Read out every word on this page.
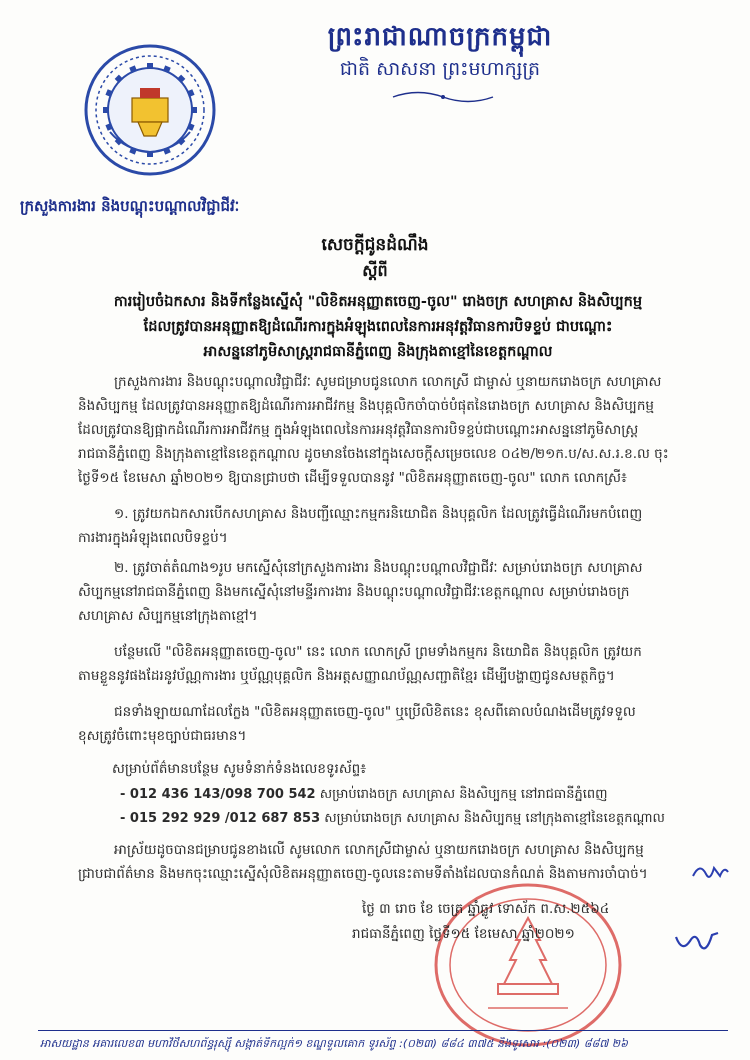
ព្រះរាជាណាចក្រកម្ពុជា
ជាតិ សាសនា ព្រះមហាក្សត្រ
ក្រសួងការងារ និងបណ្តុះបណ្តាលវិជ្ជាជីវៈ
សេចក្តីជូនដំណឹង
ស្តីពី
ការរៀបចំឯកសារ និងទីកន្លែងស្នើសុំ "លិខិតអនុញ្ញាតចេញ-ចូល" រោងចក្រ សហគ្រាស និងសិប្បកម្ម
ដែលត្រូវបានអនុញ្ញាតឱ្យដំណើរការក្នុងអំឡុងពេលនៃការអនុវត្តវិធានការបិទខ្ទប់ ជាបណ្តោះ
អាសន្ននៅភូមិសាស្ត្ររាជធានីភ្នំពេញ និងក្រុងតាខ្មៅនៃខេត្តកណ្តាល
ក្រសួងការងារ និងបណ្តុះបណ្តាលវិជ្ជាជីវៈ សូមជម្រាបជូនលោក លោកស្រី ជាម្ចាស់ ឬនាយករោងចក្រ សហគ្រាស
និងសិប្បកម្ម ដែលត្រូវបានអនុញ្ញាតឱ្យដំណើរការអាជីវកម្ម និងបុគ្គលិកចាំបាច់បំផុតនៃរោងចក្រ សហគ្រាស និងសិប្បកម្ម
ដែលត្រូវបានឱ្យផ្អាកដំណើរការអាជីវកម្ម ក្នុងអំឡុងពេលនៃការអនុវត្តវិធានការបិទខ្ទប់ជាបណ្តោះអាសន្ននៅភូមិសាស្ត្រ
រាជធានីភ្នំពេញ និងក្រុងតាខ្មៅនៃខេត្តកណ្តាល ដូចមានចែងនៅក្នុងសេចក្តីសម្រេចលេខ ០៤២/២១ក.ប/ស.ស.រ.ខ.ល ចុះ
ថ្ងៃទី១៥ ខែមេសា ឆ្នាំ២០២១ ឱ្យបានជ្រាបថា ដើម្បីទទួលបាននូវ "លិខិតអនុញ្ញាតចេញ-ចូល" លោក លោកស្រី៖
១. ត្រូវយកឯកសារបើកសហគ្រាស និងបញ្ជីឈ្មោះកម្មករនិយោជិត និងបុគ្គលិក ដែលត្រូវធ្វើដំណើរមកបំពេញ
ការងារក្នុងអំឡុងពេលបិទខ្ទប់។
២. ត្រូវចាត់តំណាង១រូប មកស្នើសុំនៅក្រសួងការងារ និងបណ្តុះបណ្តាលវិជ្ជាជីវៈ សម្រាប់រោងចក្រ សហគ្រាស
សិប្បកម្មនៅរាជធានីភ្នំពេញ និងមកស្នើសុំនៅមន្ទីរការងារ និងបណ្តុះបណ្តាលវិជ្ជាជីវៈខេត្តកណ្តាល សម្រាប់រោងចក្រ
សហគ្រាស សិប្បកម្មនៅក្រុងតាខ្មៅ។
បន្ថែមលើ "លិខិតអនុញ្ញាតចេញ-ចូល" នេះ លោក លោកស្រី ព្រមទាំងកម្មករ និយោជិត និងបុគ្គលិក ត្រូវយក
តាមខ្លួននូវផងដែរនូវប័ណ្ណការងារ ឬប័ណ្ណបុគ្គលិក និងអត្តសញ្ញាណប័ណ្ណសញ្ជាតិខ្មែរ ដើម្បីបង្ហាញជូនសមត្ថកិច្ច។
ជនទាំងឡាយណាដែលក្លែង "លិខិតអនុញ្ញាតចេញ-ចូល" ឬប្រើលិខិតនេះ ខុសពីគោលបំណងដើមត្រូវទទួល
ខុសត្រូវចំពោះមុខច្បាប់ជាធរមាន។
សម្រាប់ព័ត៌មានបន្ថែម សូមទំនាក់ទំនងលេខទូរស័ព្ទ៖
- 012 436 143/098 700 542 សម្រាប់រោងចក្រ សហគ្រាស និងសិប្បកម្ម នៅរាជធានីភ្នំពេញ
- 015 292 929 /012 687 853 សម្រាប់រោងចក្រ សហគ្រាស និងសិប្បកម្ម នៅក្រុងតាខ្មៅនៃខេត្តកណ្តាល
អាស្រ័យដូចបានជម្រាបជូនខាងលើ សូមលោក លោកស្រីជាម្ចាស់ ឬនាយករោងចក្រ សហគ្រាស និងសិប្បកម្ម
ជ្រាបជាព័ត៌មាន និងមកចុះឈ្មោះស្នើសុំលិខិតអនុញ្ញាតចេញ-ចូលនេះតាមទីតាំងដែលបានកំណត់ និងតាមការចាំបាច់។
ថ្ងៃ ៣ រោច ខែ ចេត្រ ឆ្នាំឆ្លូវ ទោស័ក ព.ស.២៥៦៤
រាជធានីភ្នំពេញ ថ្ងៃទី១៥ ខែមេសា ឆ្នាំ២០២១
អាសយដ្ឋាន អគារលេខ៣ មហាវិថីសហព័ន្ធរុស្ស៊ី សង្កាត់ទឹកល្អក់១ ខណ្ឌទួលគោក ទូរស័ព្ទ :(០២៣) ៨៨៤ ៣៧៥ និងទូរសារ :(០២៣) ៨៨៧ ២៦
